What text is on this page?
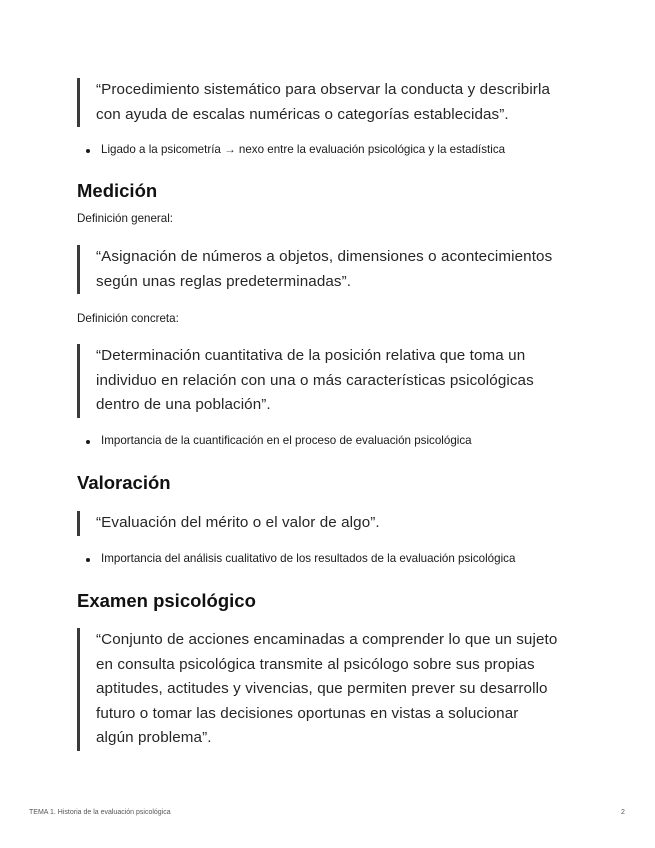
“Procedimiento sistemático para observar la conducta y describirla
con ayuda de escalas numéricas o categorías establecidas”.
Ligado a la psicometría → nexo entre la evaluación psicológica y la estadística
Medición

Definición general:

“Asignación de números a objetos, dimensiones o acontecimientos
según unas reglas predeterminadas”.

Definición concreta:

“Determinación cuantitativa de la posición relativa que toma un
individuo en relación con una o más características psicológicas
dentro de una población”.
Importancia de la cuantificación en el proceso de evaluación psicológica
Valoración
“Evaluación del mérito o el valor de algo”.
Importancia del análisis cualitativo de los resultados de la evaluación psicológica
Examen psicológico
“Conjunto de acciones encaminadas a comprender lo que un sujeto
en consulta psicológica transmite al psicólogo sobre sus propias
aptitudes, actitudes y vivencias, que permiten prever su desarrollo
futuro o tomar las decisiones oportunas en vistas a solucionar
algún problema”.
TEMA 1. Historia de la evaluación psicológica	2
